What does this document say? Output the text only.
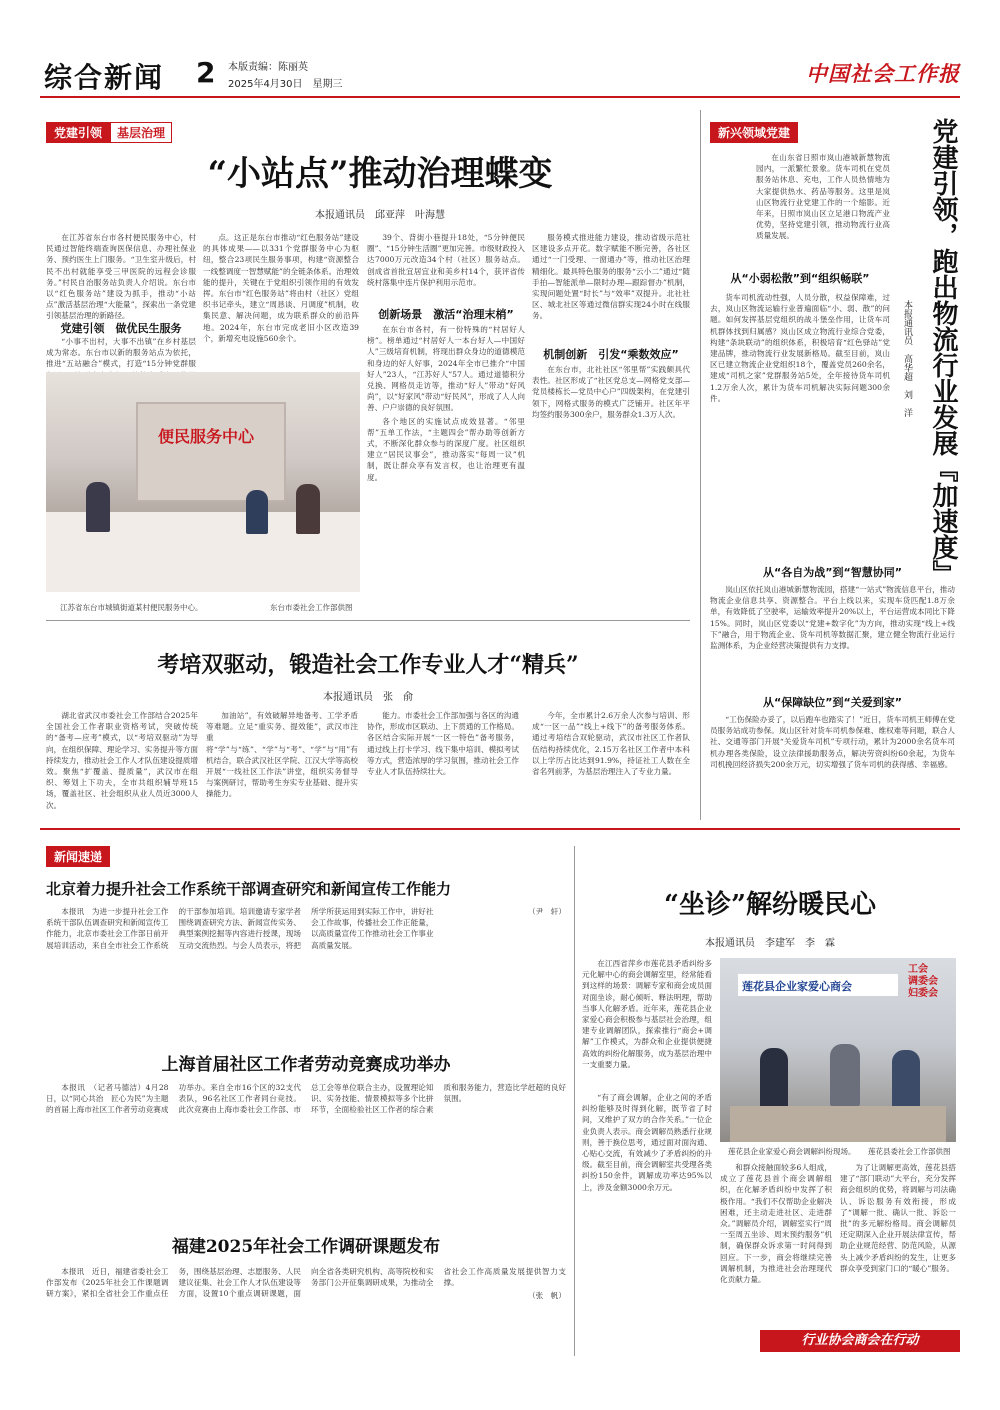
综合新闻 2 本版责编：陈丽英
2025年4月30日　 星期三	中国社会工作报
党建引领 基层治理
“小站点”推动治理蝶变
本报通讯员　邱亚萍　叶海慧

在江苏省东台市各村便民服务中心，村民通过智能终端查询医保信息、办理社保业务、预约医生上门服务。“卫生室升级后，村民不出村就能享受三甲医院的远程会诊服务。”村民自治服务站负责人介绍说。东台市以“红色服务站”建设为抓手，推动“小站点”激活基层治理“大能量”，探索出一条党建引领基层治理的新路径。

党建引领　做优民生服务

“小事不出村，大事不出镇”在乡村基层成为常态。东台市以新的服务站点为依托，推进“五站融合”模式，打造“15分钟党群服

点。这正是东台市推动“红色服务站”建设的具体成果——以331个党群服务中心为枢纽，整合23项民生服务事项，构建“资源整合一线整调度一智慧赋能”的全链条体系。治理效能的提升，关键在于党组织引领作用的有效发挥。东台市“红色服务站”将由村（社区）党组织书记牵头，建立“周恳谈、月调度”机制，收集民意、解决问题，成为联系群众的前沿阵地。2024年，东台市完成老旧小区改造39个，新增充电设施560余个。

39个、背街小巷提升18处，“5分钟便民圈”、“15分钟生活圈”更加完善。市级财政投入达7000万元改造34个村（社区）服务站点。创成省首批宜居宜业和美乡村14个，获评省传统村落集中连片保护利用示范市。

创新场景　激活“治理末梢”

在东台市各村，有一份特殊的“村居好人榜”。榜单通过“村居好人一本台好人—中国好人”三级培育机制，将现出群众身边的道德模范和身边的好人好事，2024年全市已推介“中国好人”23人，“江苏好人”57人。通过道德积分兑换、网格员走访等，推动“好人”带动“好风尚”，以“好家风”带动“好民风”，形成了人人向善、户户崇德的良好氛围。

各个地区的实施试点成效显著。“邻里帮”五单工作法，“主题四会”帮办助等创新方式，不断深化群众参与的深度广度。社区组织建立“居民议事会”，推动落实“每周一议”机制，既让群众享有发言权，也让治理更有温度。

服务模式推进能力建设，推动省级示范社区建设多点开花。数字赋能不断完善，各社区通过“一门受理、一窗通办”等，推动社区治理精细化。最具特色服务的服务“云小二”通过“随手拍—智能派单—限时办理—跟踪督办”机制，实现问题处置“时长”与“效率”双提升。北社社区、城北社区等通过微信群实现24小时在线服务。

机制创新　引发“乘数效应”

在东台市，北社社区“邻里帮”实践颇具代表性。社区形成了“社区党总支—网格党支部—党员楼栋长—党员中心户”四级架构，在党建引领下，网格式服务的模式广泛铺开。社区年平均签约服务300余户，服务群众1.3万人次。

便民服务中心
江苏省东台市城镇街道某村便民服务中心。	东台市委社会工作部供图
考培双驱动，锻造社会工作专业人才“精兵”
本报通讯员　张　俞

湖北省武汉市委社会工作部结合2025年全国社会工作者职业资格考试，突破传统的“备考—应考”模式，以“考培双驱动”为导向，在组织保障、理论学习、实务提升等方面持续发力，推动社会工作人才队伍建设提质增效。聚焦“扩覆盖、提质量”，武汉市在组织、筹划上下功夫，全市共组织辅导班15场，覆盖社区、社会组织从业人员近3000人次。

加油站”，有效破解异地备考、工学矛盾等难题。立足“重实务、提效能”，武汉市注重将“学”与“练”、“学”与“考”、“学”与“用”有机结合，联合武汉社区学院、江汉大学等高校开展“一线社区工作法”讲堂，组织实务督导与案例研讨，帮助考生夯实专业基础、提升实操能力。

能力。市委社会工作部加强与各区的沟通协作，形成市区联动、上下贯通的工作格局。各区结合实际开展“一区一特色”备考服务，通过线上打卡学习、线下集中培训、模拟考试等方式，营造浓厚的学习氛围，推动社会工作专业人才队伍持续壮大。

今年，全市累计2.6万余人次参与培训、形成“一区一品”“线上+线下”的备考服务体系。通过考培结合双轮驱动，武汉市社区工作者队伍结构持续优化，2.15万名社区工作者中本科以上学历占比达到91.9%，持证社工人数在全省名列前茅，为基层治理注入了专业力量。

新兴领域党建	党建引领，跑出物流行业发展『加速度』
本报通讯员　高华超　刘　洋

在山东省日照市岚山港城新慧物流园内，一派繁忙景象。货车司机在党员服务站休息、充电，工作人员热情地为大家提供热水、药品等服务。这里是岚山区物流行业党建工作的一个缩影。近年来，日照市岚山区立足港口物流产业优势，坚持党建引领，推动物流行业高质量发展。

从“小弱松散”到“组织畅联”

货车司机流动性强，人员分散，权益保障难，过去，岚山区物流运输行业普遍面临“小、弱、散”的问题。如何发挥基层党组织的战斗堡垒作用，让货车司机群体找到归属感？岚山区成立物流行业综合党委，构建“条块联动”的组织体系，积极培育“红色驿站”党建品牌，推动物流行业发展新格局。截至目前，岚山区已建立物流企业党组织18个，覆盖党员260余名，建成“司机之家”党群服务站5处，全年接待货车司机1.2万余人次，累计为货车司机解决实际问题300余件。

从“各自为战”到“智慧协同”

岚山区依托岚山港城新慧物流园，搭建“一站式”物流信息平台，推动物流企业信息共享、资源整合。平台上线以来，实现车货匹配1.8万余单，有效降低了空驶率，运输效率提升20%以上，平台运营成本同比下降15%。同时，岚山区党委以“党建+数字化”为方向，推动实现“线上+线下”融合，用于物流企业、货车司机等数据汇聚，建立健全物流行业运行监测体系，为企业经营决策提供有力支撑。

从“保障缺位”到“关爱到家”

“工伤保险办妥了，以后跑车也踏实了！”近日，货车司机王师傅在党员服务站成功参保。岚山区针对货车司机参保难、维权难等问题，联合人社、交通等部门开展“关爱货车司机”专项行动，累计为2000余名货车司机办理各类保险，设立法律援助服务点，解决劳资纠纷60余起，为货车司机挽回经济损失200余万元，切实增强了货车司机的获得感、幸福感。

新闻速递
北京着力提升社会工作系统干部调查研究和新闻宣传工作能力

本报讯　为进一步提升社会工作系统干部队伍调查研究和新闻宣传工作能力，北京市委社会工作部日前开展培训活动，来自全市社会工作系统的干部参加培训。培训邀请专家学者围绕调查研究方法、新闻宣传实务、典型案例挖掘等内容进行授课，现场互动交流热烈。与会人员表示，将把所学所获运用到实际工作中，讲好社会工作故事，传播社会工作正能量，以高质量宣传工作推动社会工作事业高质量发展。

（尹　轩）

上海首届社区工作者劳动竞赛成功举办

本报讯　（记者马德洁）4月28日，以“同心共治　匠心为民”为主题的首届上海市社区工作者劳动竞赛成功举办。来自全市16个区的32支代表队，96名社区工作者同台竞技。此次竞赛由上海市委社会工作部、市总工会等单位联合主办，设置理论知识、实务技能、情景模拟等多个比拼环节，全面检验社区工作者的综合素质和服务能力，营造比学赶超的良好氛围。

福建2025年社会工作调研课题发布

本报讯　近日，福建省委社会工作部发布《2025年社会工作课题调研方案》，紧扣全省社会工作重点任务，围绕基层治理、志愿服务、人民建议征集、社会工作人才队伍建设等方面，设置10个重点调研课题，面向全省各类研究机构、高等院校和实务部门公开征集调研成果，为推动全省社会工作高质量发展提供智力支撑。

（张　帆）

“坐诊”解纷暖民心
本报通讯员　李建军　李　霖

在江西省萍乡市莲花县矛盾纠纷多元化解中心的商会调解室里，经常能看到这样的场景：调解专家和商会成员面对面坐诊，耐心倾听、释法明理，帮助当事人化解矛盾。近年来，莲花县企业家爱心商会积极参与基层社会治理，组建专业调解团队，探索推行“商会+调解”工作模式，为群众和企业提供便捷高效的纠纷化解服务，成为基层治理中一支重要力量。

“有了商会调解，企业之间的矛盾纠纷能够及时得到化解，既节省了时间，又维护了双方的合作关系。”一位企业负责人表示。商会调解员熟悉行业规则，善于换位思考，通过面对面沟通、心贴心交流，有效减少了矛盾纠纷的升级。截至目前，商会调解室共受理各类纠纷150余件，调解成功率达95%以上，涉及金额3000余万元。

莲花县企业家爱心商会
工会
调委会
妇委会
莲花县企业家爱心商会调解纠纷现场。 莲花县委社会工作部供图

和群众接触面较多6人组成，成立了莲花县首个商会调解组织，在化解矛盾纠纷中发挥了积极作用。“我们不仅帮助企业解决困难，还主动走进社区、走进群众。”调解员介绍，调解室实行“周一至周五坐诊、周末预约服务”机制，确保群众诉求第一时间得到回应。下一步，商会将继续完善调解机制，为推进社会治理现代化贡献力量。

为了让调解更高效，莲花县搭建了“部门联动”大平台，充分发挥商会组织的优势，将调解与司法确认、诉讼服务有效衔接，形成了“调解一批、确认一批、诉讼一批”的多元解纷格局。商会调解员还定期深入企业开展法律宣传，帮助企业规范经营、防范风险，从源头上减少矛盾纠纷的发生，让更多群众享受到家门口的“暖心”服务。

行业协会商会在行动
